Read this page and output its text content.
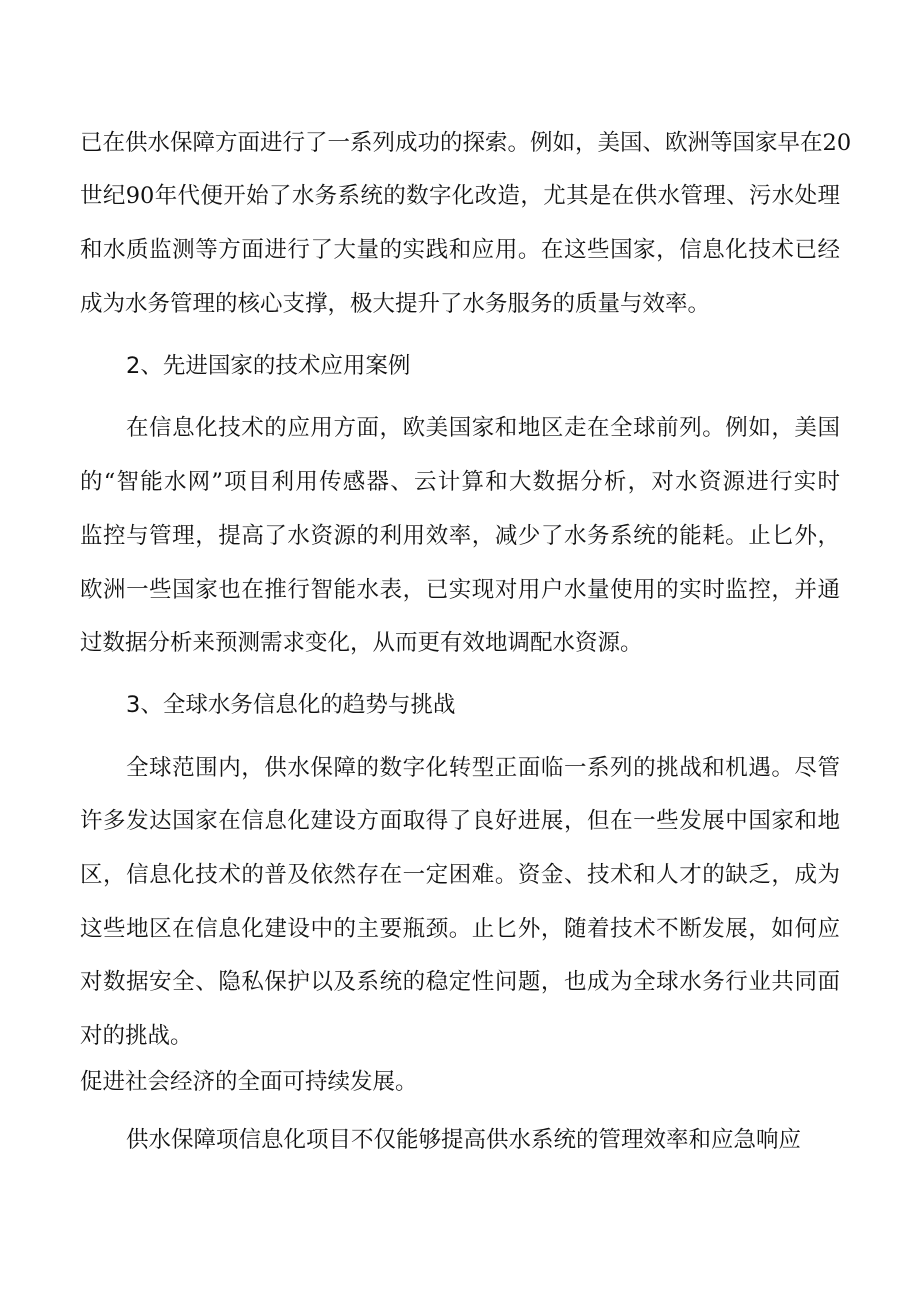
已在供水保障方面进行了一系列成功的探索。例如，美国、欧洲等国家早在20

世纪90年代便开始了水务系统的数字化改造，尤其是在供水管理、污水处理

和水质监测等方面进行了大量的实践和应用。在这些国家，信息化技术已经

成为水务管理的核心支撑，极大提升了水务服务的质量与效率。

2、先进国家的技术应用案例

在信息化技术的应用方面，欧美国家和地区走在全球前列。例如，美国

的“智能水网”项目利用传感器、云计算和大数据分析，对水资源进行实时

监控与管理，提高了水资源的利用效率，减少了水务系统的能耗。止匕外，

欧洲一些国家也在推行智能水表，已实现对用户水量使用的实时监控，并通

过数据分析来预测需求变化，从而更有效地调配水资源。

3、全球水务信息化的趋势与挑战

全球范围内，供水保障的数字化转型正面临一系列的挑战和机遇。尽管

许多发达国家在信息化建设方面取得了良好进展，但在一些发展中国家和地

区，信息化技术的普及依然存在一定困难。资金、技术和人才的缺乏，成为

这些地区在信息化建设中的主要瓶颈。止匕外，随着技术不断发展，如何应

对数据安全、隐私保护以及系统的稳定性问题，也成为全球水务行业共同面

对的挑战。

促进社会经济的全面可持续发展。

供水保障项信息化项目不仅能够提高供水系统的管理效率和应急响应
